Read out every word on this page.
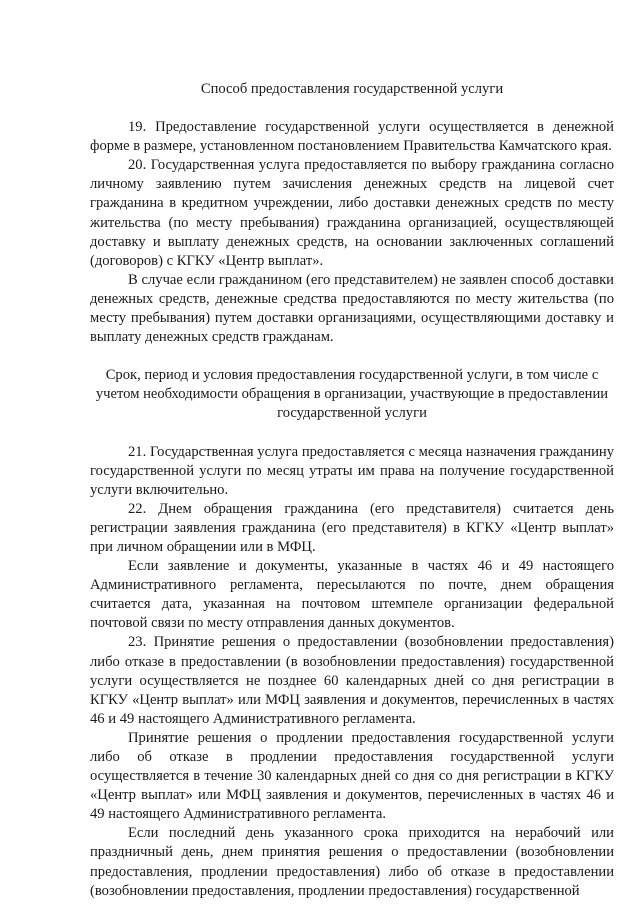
Способ предоставления государственной услуги

19. Предоставление государственной услуги осуществляется в денежной форме в размере, установленном постановлением Правительства Камчатского края.

20. Государственная услуга предоставляется по выбору гражданина согласно личному заявлению путем зачисления денежных средств на лицевой счет гражданина в кредитном учреждении, либо доставки денежных средств по месту жительства (по месту пребывания) гражданина организацией, осуществляющей доставку и выплату денежных средств, на основании заключенных соглашений (договоров) с КГКУ «Центр выплат».

В случае если гражданином (его представителем) не заявлен способ доставки денежных средств, денежные средства предоставляются по месту жительства (по месту пребывания) путем доставки организациями, осуществляющими доставку и выплату денежных средств гражданам.

Срок, период и условия предоставления государственной услуги, в том числе с учетом необходимости обращения в организации, участвующие в предоставлении государственной услуги

21. Государственная услуга предоставляется с месяца назначения гражданину государственной услуги по месяц утраты им права на получение государственной услуги включительно.

22. Днем обращения гражданина (его представителя) считается день регистрации заявления гражданина (его представителя) в КГКУ «Центр выплат» при личном обращении или в МФЦ.

Если заявление и документы, указанные в частях 46 и 49 настоящего Административного регламента, пересылаются по почте, днем обращения считается дата, указанная на почтовом штемпеле организации федеральной почтовой связи по месту отправления данных документов.

23. Принятие решения о предоставлении (возобновлении предоставления) либо отказе в предоставлении (в возобновлении предоставления) государственной услуги осуществляется не позднее 60 календарных дней со дня регистрации в КГКУ «Центр выплат» или МФЦ заявления и документов, перечисленных в частях 46 и 49 настоящего Административного регламента.

Принятие решения о продлении предоставления государственной услуги либо об отказе в продлении предоставления государственной услуги осуществляется в течение 30 календарных дней со дня со дня регистрации в КГКУ «Центр выплат» или МФЦ заявления и документов, перечисленных в частях 46 и 49 настоящего Административного регламента.

Если последний день указанного срока приходится на нерабочий или праздничный день, днем принятия решения о предоставлении (возобновлении предоставления, продлении предоставления) либо об отказе в предоставлении (возобновлении предоставления, продлении предоставления) государственной
